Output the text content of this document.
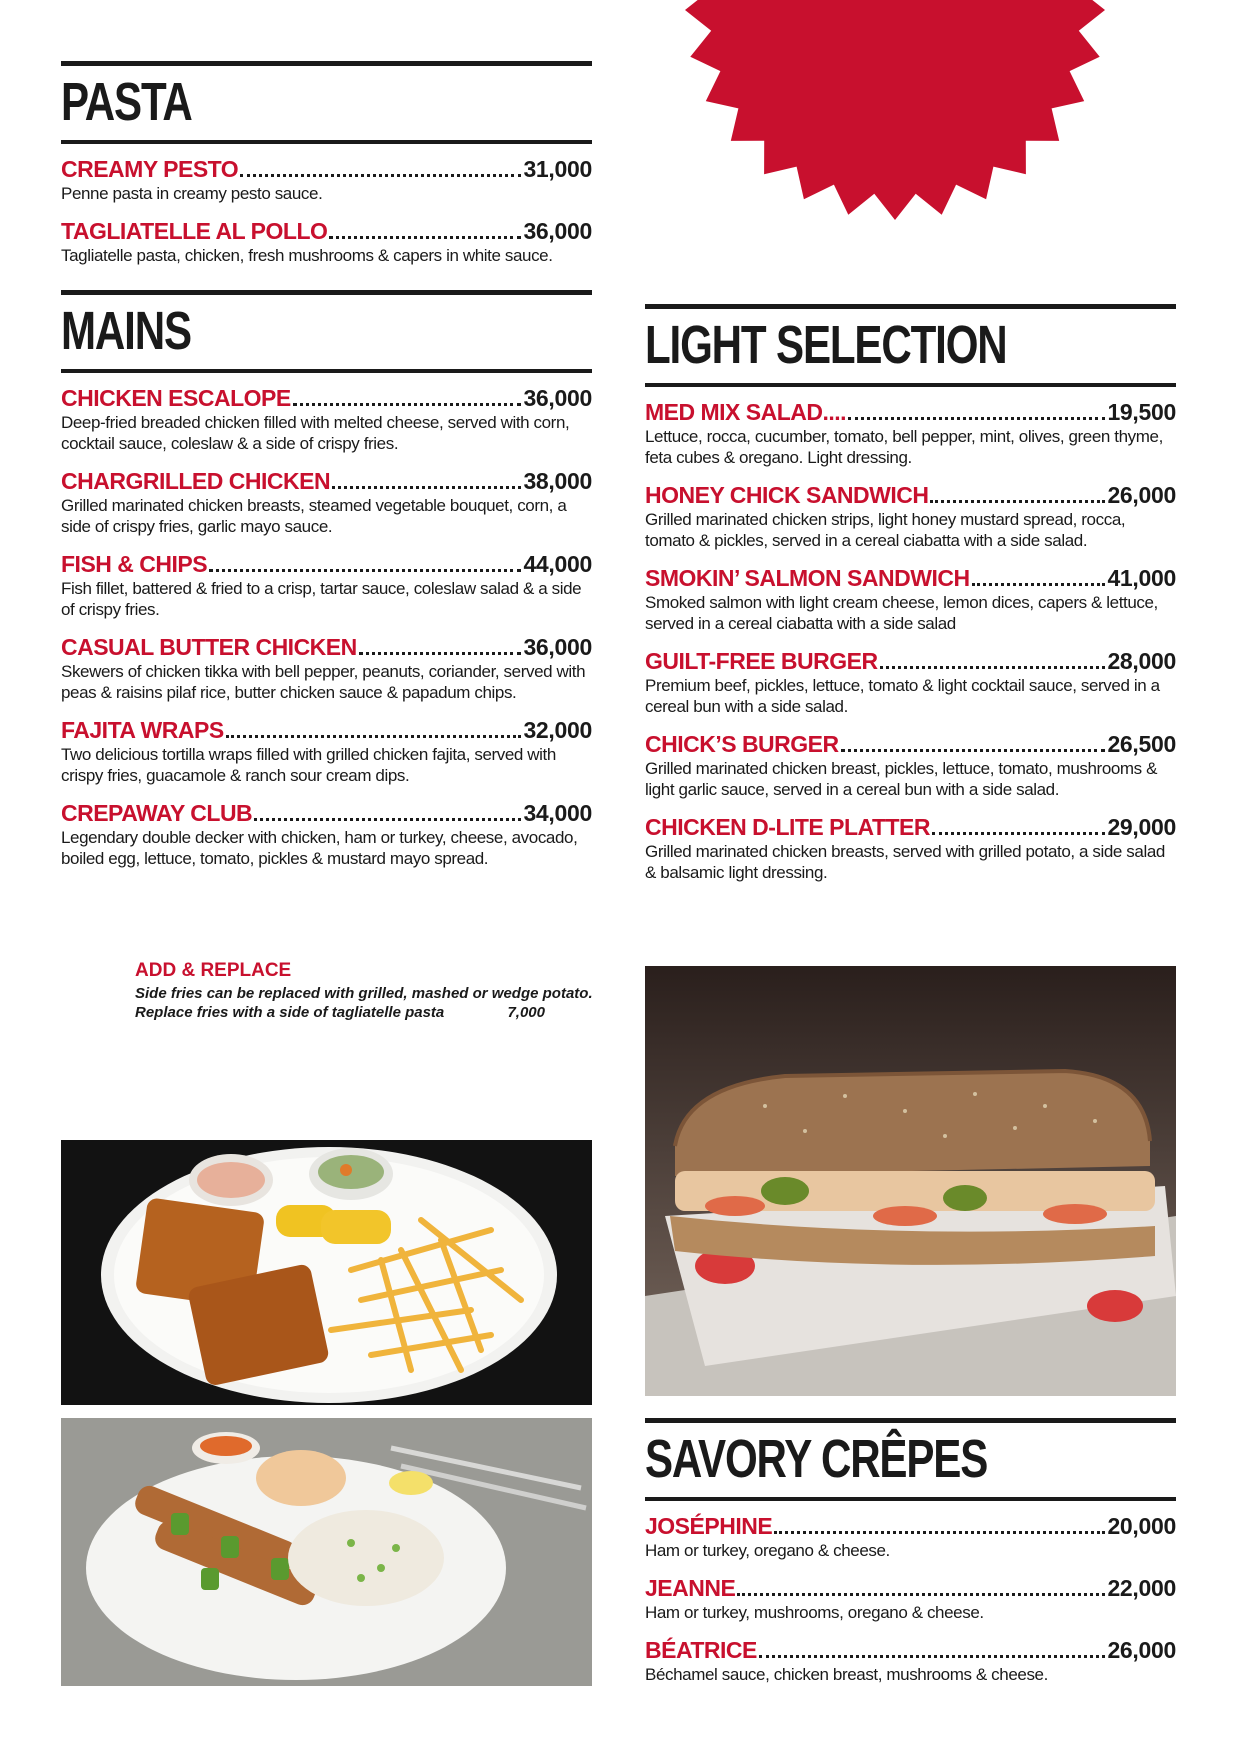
PASTA
CREAMY PESTO	31,000
Penne pasta in creamy pesto sauce.
TAGLIATELLE AL POLLO	36,000
Tagliatelle pasta, chicken, fresh mushrooms & capers in white sauce.
MAINS
CHICKEN ESCALOPE	36,000
Deep-fried breaded chicken filled with melted cheese, served with corn, cocktail sauce, coleslaw & a side of crispy fries.
CHARGRILLED CHICKEN	38,000
Grilled marinated chicken breasts, steamed vegetable bouquet, corn, a side of crispy fries, garlic mayo sauce.
FISH & CHIPS	44,000
Fish fillet, battered & fried to a crisp, tartar sauce, coleslaw salad & a side of crispy fries.
CASUAL BUTTER CHICKEN	36,000
Skewers of chicken tikka with bell pepper, peanuts, coriander, served with peas & raisins pilaf rice, butter chicken sauce & papadum chips.
FAJITA WRAPS	32,000
Two delicious tortilla wraps filled with grilled chicken fajita, served with crispy fries, guacamole & ranch sour cream dips.
CREPAWAY CLUB	34,000
Legendary double decker with chicken, ham or turkey, cheese, avocado, boiled egg, lettuce, tomato, pickles & mustard mayo spread.
ADD & REPLACE
Side fries can be replaced with grilled, mashed or wedge potato.
Replace fries with a side of tagliatelle pasta	7,000
LIGHT SELECTION
MED MIX SALAD....	19,500
Lettuce, rocca, cucumber, tomato, bell pepper, mint, olives, green thyme, feta cubes & oregano. Light dressing.
HONEY CHICK SANDWICH	26,000
Grilled marinated chicken strips, light honey mustard spread, rocca, tomato & pickles, served in a cereal ciabatta with a side salad.
SMOKIN’ SALMON SANDWICH	41,000
Smoked salmon with light cream cheese, lemon dices, capers & lettuce, served in a cereal ciabatta with a side salad
GUILT-FREE BURGER	28,000
Premium beef, pickles, lettuce, tomato & light cocktail sauce, served in a cereal bun with a side salad.
CHICK’S BURGER	26,500
Grilled marinated chicken breast, pickles, lettuce, tomato, mushrooms & light garlic sauce, served in a cereal bun with a side salad.
CHICKEN D-LITE PLATTER	29,000
Grilled marinated chicken breasts, served with grilled potato, a side salad & balsamic light dressing.
SAVORY CRÊPES
JOSÉPHINE	20,000
Ham or turkey, oregano & cheese.
JEANNE	22,000
Ham or turkey, mushrooms, oregano & cheese.
BÉATRICE	26,000
Béchamel sauce, chicken breast, mushrooms & cheese.
